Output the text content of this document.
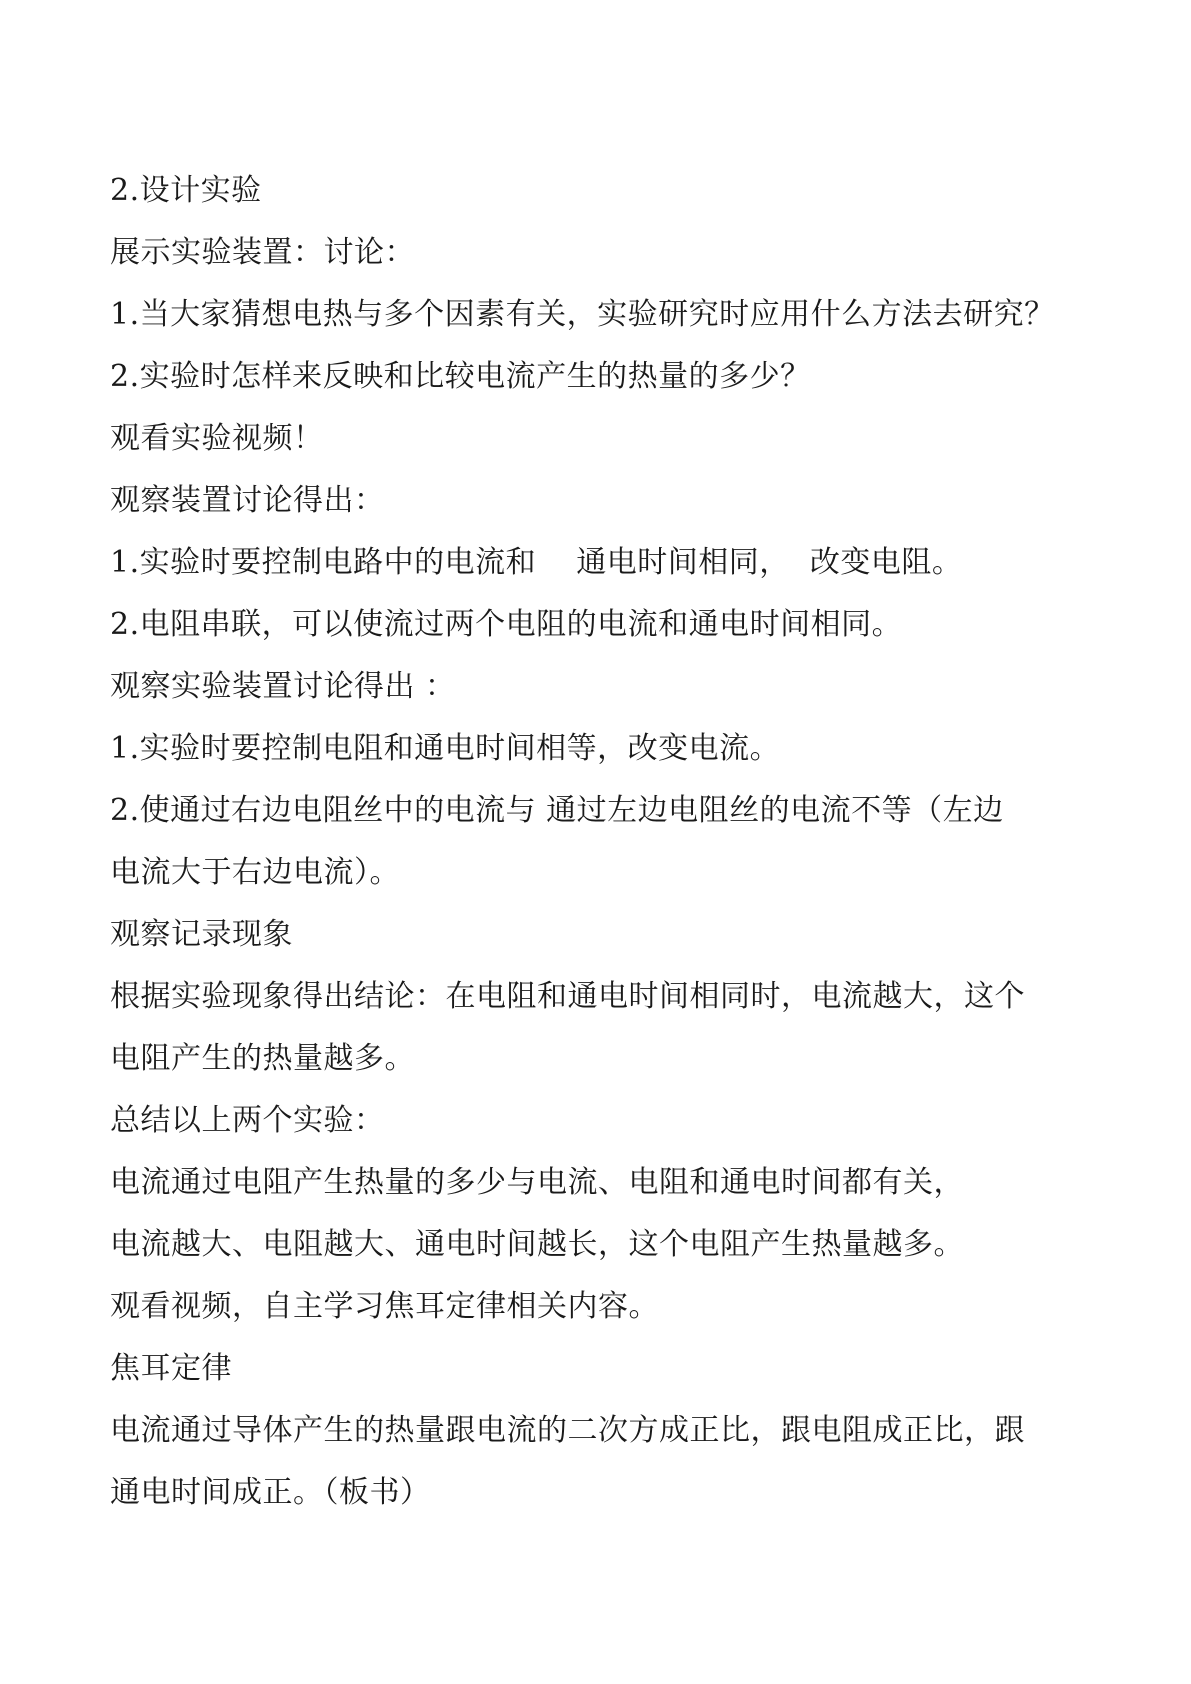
2.设计实验
展示实验装置：讨论：
1.当大家猜想电热与多个因素有关，实验研究时应用什么方法去研究？
2.实验时怎样来反映和比较电流产生的热量的多少？
观看实验视频！
观察装置讨论得出：
1.实验时要控制电路中的电流和    通电时间相同，  改变电阻。
2.电阻串联，可以使流过两个电阻的电流和通电时间相同。
观察实验装置讨论得出 ：
1.实验时要控制电阻和通电时间相等，改变电流。
2.使通过右边电阻丝中的电流与 通过左边电阻丝的电流不等（左边
电流大于右边电流）。
观察记录现象
根据实验现象得出结论：在电阻和通电时间相同时，电流越大，这个
电阻产生的热量越多。
总结以上两个实验：
电流通过电阻产生热量的多少与电流、电阻和通电时间都有关，
电流越大、电阻越大、通电时间越长，这个电阻产生热量越多。
观看视频，自主学习焦耳定律相关内容。
焦耳定律
电流通过导体产生的热量跟电流的二次方成正比，跟电阻成正比，跟
通电时间成正。（板书）
